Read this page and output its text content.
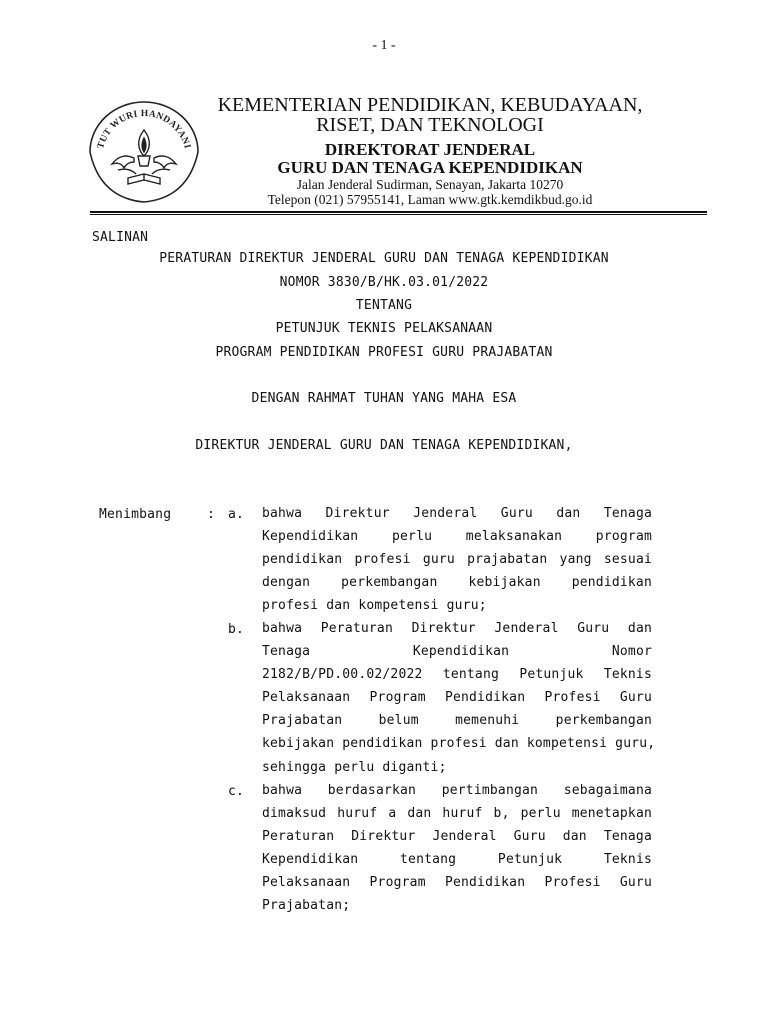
- 1 -
TUT WURI HANDAYANI
KEMENTERIAN PENDIDIKAN, KEBUDAYAAN,
RISET, DAN TEKNOLOGI
DIREKTORAT JENDERAL
GURU DAN TENAGA KEPENDIDIKAN
Jalan Jenderal Sudirman, Senayan, Jakarta 10270
Telepon (021) 57955141, Laman www.gtk.kemdikbud.go.id
SALINAN
PERATURAN DIREKTUR JENDERAL GURU DAN TENAGA KEPENDIDIKAN
NOMOR 3830/B/HK.03.01/2022
TENTANG
PETUNJUK TEKNIS PELAKSANAAN
PROGRAM PENDIDIKAN PROFESI GURU PRAJABATAN
DENGAN RAHMAT TUHAN YANG MAHA ESA
DIREKTUR JENDERAL GURU DAN TENAGA KEPENDIDIKAN,
Menimbang	: a. bahwa Direktur Jenderal Guru dan Tenaga
Kependidikan perlu melaksanakan program
pendidikan profesi guru prajabatan yang sesuai
dengan perkembangan kebijakan pendidikan
profesi dan kompetensi guru;
b. bahwa Peraturan Direktur Jenderal Guru dan
Tenaga Kependidikan Nomor
2182/B/PD.00.02/2022 tentang Petunjuk Teknis
Pelaksanaan Program Pendidikan Profesi Guru
Prajabatan belum memenuhi perkembangan
kebijakan pendidikan profesi dan kompetensi guru,
sehingga perlu diganti;
c. bahwa berdasarkan pertimbangan sebagaimana
dimaksud huruf a dan huruf b, perlu menetapkan
Peraturan Direktur Jenderal Guru dan Tenaga
Kependidikan tentang Petunjuk Teknis
Pelaksanaan Program Pendidikan Profesi Guru
Prajabatan;
